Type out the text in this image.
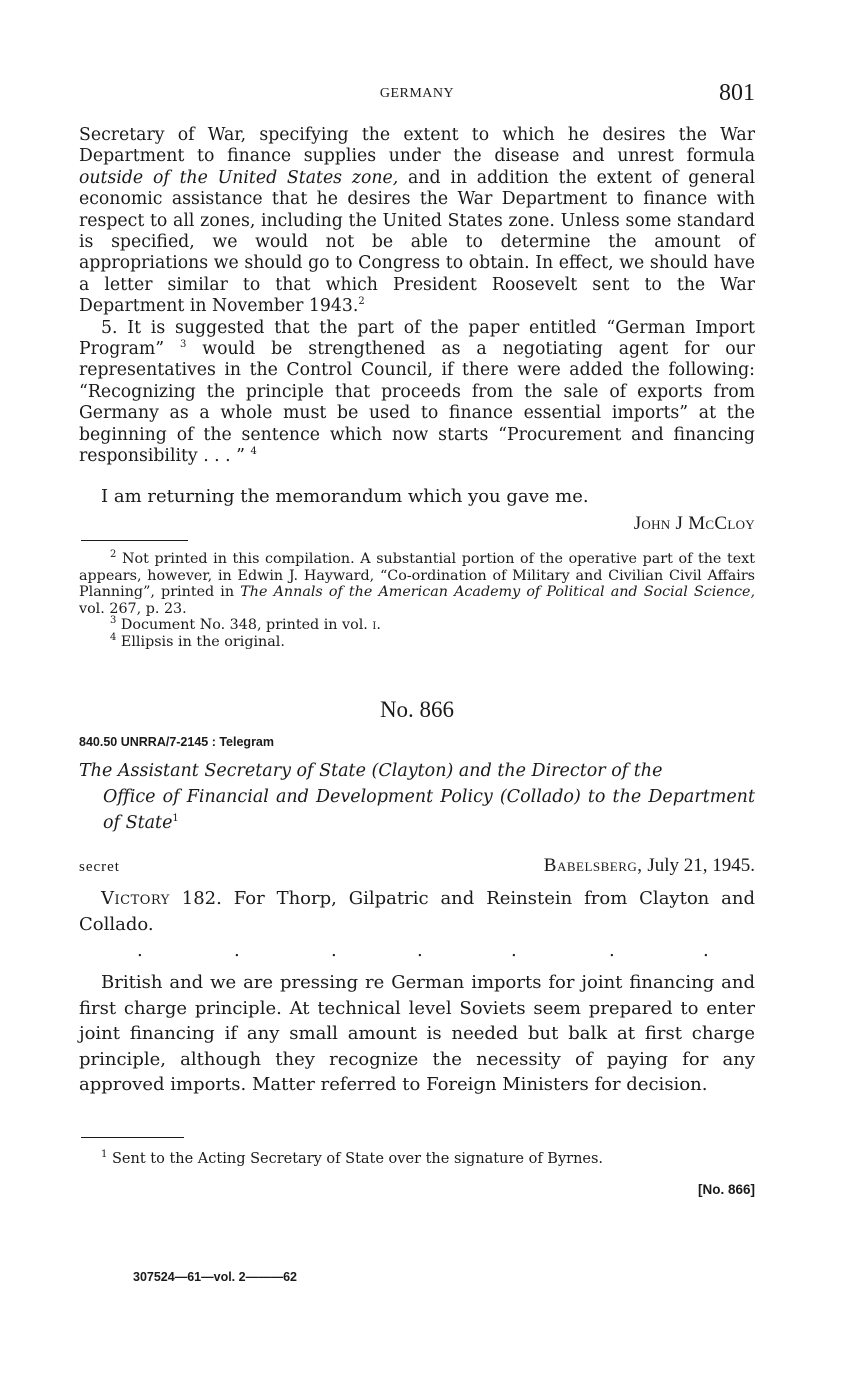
GERMANY	801

Secretary of War, specifying the extent to which he desires the War Department to finance supplies under the disease and unrest formula outside of the United States zone, and in addition the extent of general economic assistance that he desires the War Department to finance with respect to all zones, including the United States zone. Unless some standard is specified, we would not be able to determine the amount of appropriations we should go to Congress to obtain. In effect, we should have a letter similar to that which President Roosevelt sent to the War Department in November 1943.$^2$

5. It is suggested that the part of the paper entitled “German Import Program” $^3$ would be strengthened as a negotiating agent for our representatives in the Control Council, if there were added the following: “Recognizing the principle that proceeds from the sale of exports from Germany as a whole must be used to finance essential imports” at the beginning of the sentence which now starts “Procurement and financing responsibility . . . ” $^4$

I am returning the memorandum which you gave me.

John J McCloy

$^2$ Not printed in this compilation. A substantial portion of the operative part of the text appears, however, in Edwin J. Hayward, “Co-ordination of Military and Civilian Civil Affairs Planning”, printed in The Annals of the American Academy of Political and Social Science, vol. 267, p. 23.

$^3$ Document No. 348, printed in vol. i.

$^4$ Ellipsis in the original.

No. 866
840.50 UNRRA/7-2145 : Telegram
The Assistant Secretary of State (Clayton) and the Director of the
Office of Financial and Development Policy (Collado) to the Department of State$^1$
secret	Babelsberg, July 21, 1945.

Victory 182. For Thorp, Gilpatric and Reinstein from Clayton and Collado.

.	.	.	.	.	.	.

British and we are pressing re German imports for joint financing and first charge principle. At technical level Soviets seem prepared to enter joint financing if any small amount is needed but balk at first charge principle, although they recognize the necessity of paying for any approved imports. Matter referred to Foreign Ministers for decision.

$^1$ Sent to the Acting Secretary of State over the signature of Byrnes.

[No. 866]
307524—61—vol. 2———62
